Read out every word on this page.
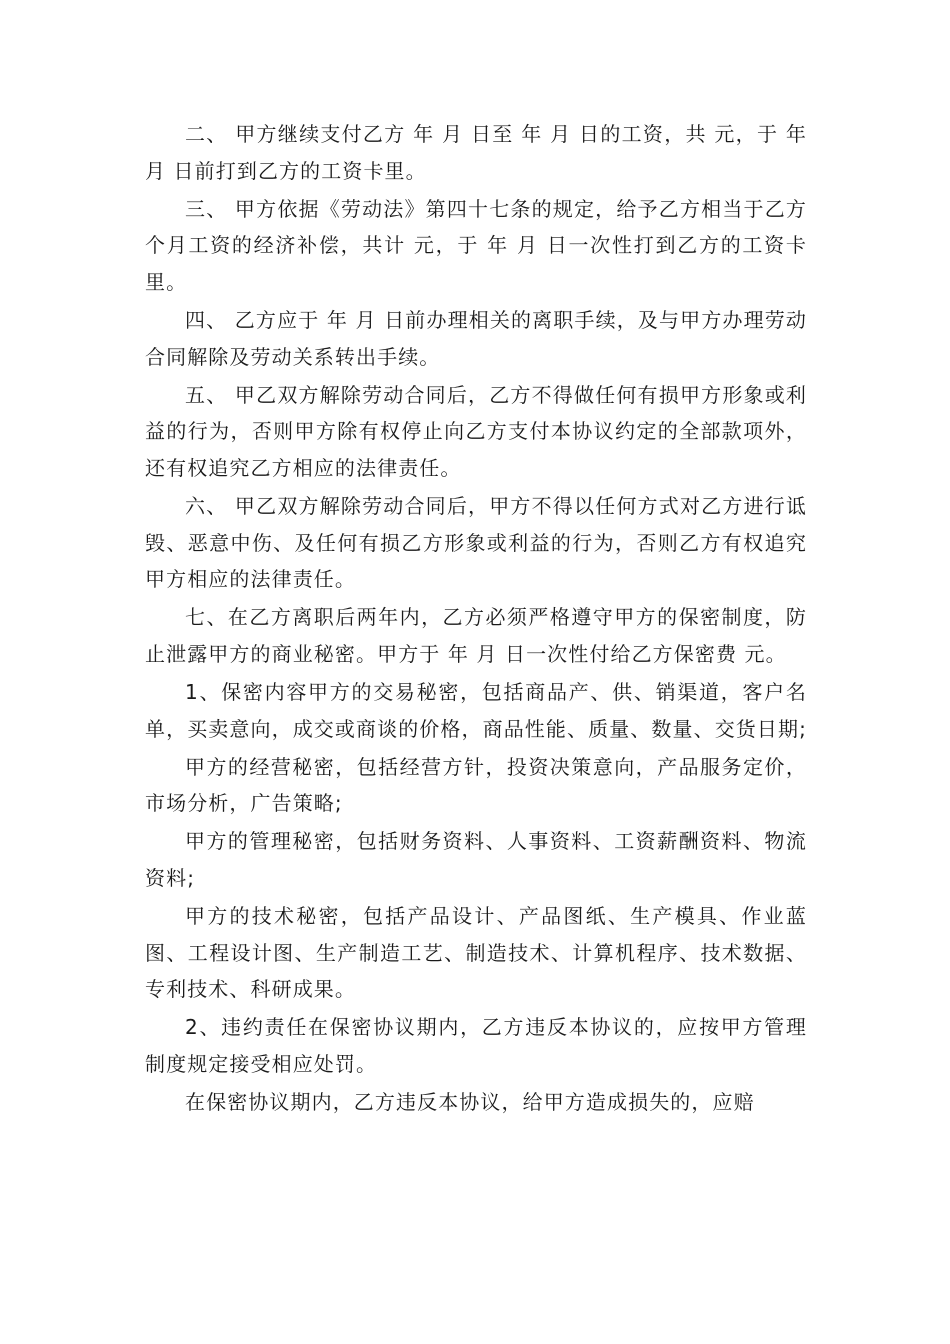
二、 甲方继续支付乙方 年 月 日至 年 月 日的工资，共 元，于 年 月 日前打到乙方的工资卡里。

三、 甲方依据《劳动法》第四十七条的规定，给予乙方相当于乙方 个月工资的经济补偿，共计 元，于 年 月 日一次性打到乙方的工资卡里。

四、 乙方应于 年 月 日前办理相关的离职手续，及与甲方办理劳动合同解除及劳动关系转出手续。

五、 甲乙双方解除劳动合同后，乙方不得做任何有损甲方形象或利益的行为，否则甲方除有权停止向乙方支付本协议约定的全部款项外，还有权追究乙方相应的法律责任。

六、 甲乙双方解除劳动合同后，甲方不得以任何方式对乙方进行诋毁、恶意中伤、及任何有损乙方形象或利益的行为，否则乙方有权追究甲方相应的法律责任。

七、在乙方离职后两年内，乙方必须严格遵守甲方的保密制度，防止泄露甲方的商业秘密。甲方于 年 月 日一次性付给乙方保密费 元。

1、保密内容甲方的交易秘密，包括商品产、供、销渠道，客户名单，买卖意向，成交或商谈的价格，商品性能、质量、数量、交货日期;

甲方的经营秘密，包括经营方针，投资决策意向，产品服务定价，市场分析，广告策略;

甲方的管理秘密，包括财务资料、人事资料、工资薪酬资料、物流资料;

甲方的技术秘密，包括产品设计、产品图纸、生产模具、作业蓝图、工程设计图、生产制造工艺、制造技术、计算机程序、技术数据、专利技术、科研成果。

2、违约责任在保密协议期内，乙方违反本协议的，应按甲方管理制度规定接受相应处罚。

在保密协议期内，乙方违反本协议，给甲方造成损失的，应赔
